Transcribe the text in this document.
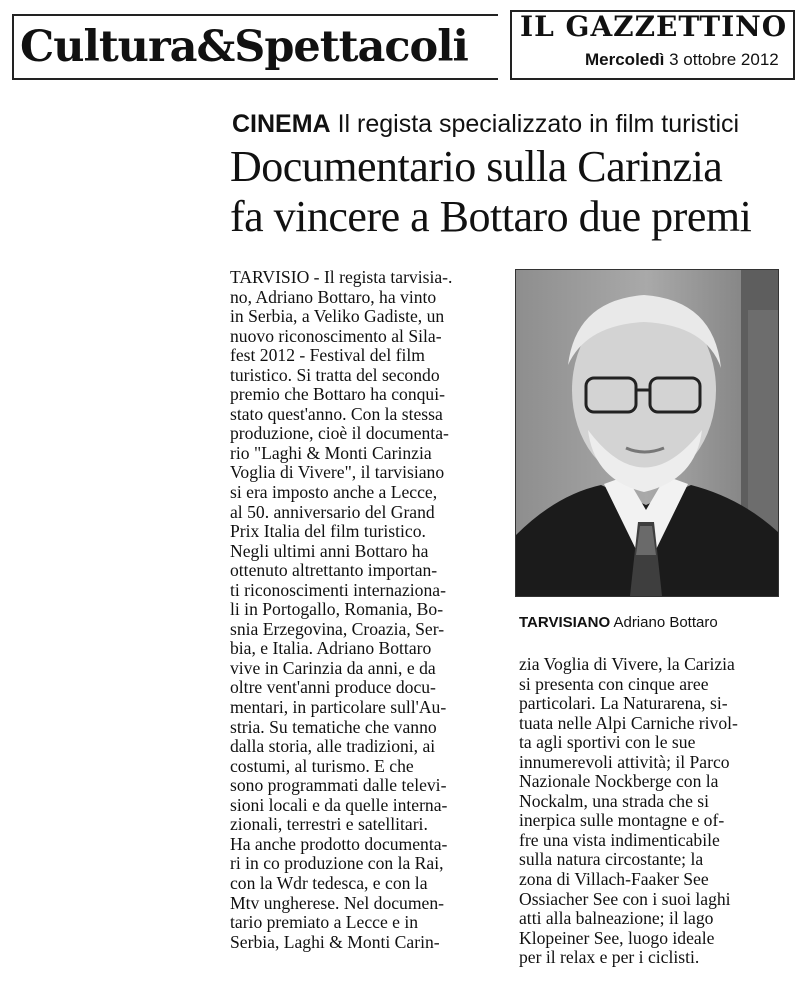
Cultura&Spettacoli IL GAZZETTINO
Mercoledì 3 ottobre 2012
CINEMA Il regista specializzato in film turistici
Documentario sulla Carinzia
fa vincere a Bottaro due premi
TARVISIO - Il regista tarvisia-.
no, Adriano Bottaro, ha vinto
in Serbia, a Veliko Gadiste, un
nuovo riconoscimento al Sila-
fest 2012 - Festival del film
turistico. Si tratta del secondo
premio che Bottaro ha conqui-
stato quest'anno. Con la stessa
produzione, cioè il documenta-
rio "Laghi & Monti Carinzia
Voglia di Vivere", il tarvisiano
si era imposto anche a Lecce,
al 50. anniversario del Grand
Prix Italia del film turistico.
Negli ultimi anni Bottaro ha
ottenuto altrettanto importan-
ti riconoscimenti internaziona-
li in Portogallo, Romania, Bo-
snia Erzegovina, Croazia, Ser-
bia, e Italia. Adriano Bottaro
vive in Carinzia da anni, e da
oltre vent'anni produce docu-
mentari, in particolare sull'Au-
stria. Su tematiche che vanno
dalla storia, alle tradizioni, ai
costumi, al turismo. E che
sono programmati dalle televi-
sioni locali e da quelle interna-
zionali, terrestri e satellitari.
Ha anche prodotto documenta-
ri in co produzione con la Rai,
con la Wdr tedesca, e con la
Mtv ungherese. Nel documen-
tario premiato a Lecce e in
Serbia, Laghi & Monti Carin-
TARVISIANO Adriano Bottaro
zia Voglia di Vivere, la Carizia
si presenta con cinque aree
particolari. La Naturarena, si-
tuata nelle Alpi Carniche rivol-
ta agli sportivi con le sue
innumerevoli attività; il Parco
Nazionale Nockberge con la
Nockalm, una strada che si
inerpica sulle montagne e of-
fre una vista indimenticabile
sulla natura circostante; la
zona di Villach-Faaker See
Ossiacher See con i suoi laghi
atti alla balneazione; il lago
Klopeiner See, luogo ideale
per il relax e per i ciclisti.
